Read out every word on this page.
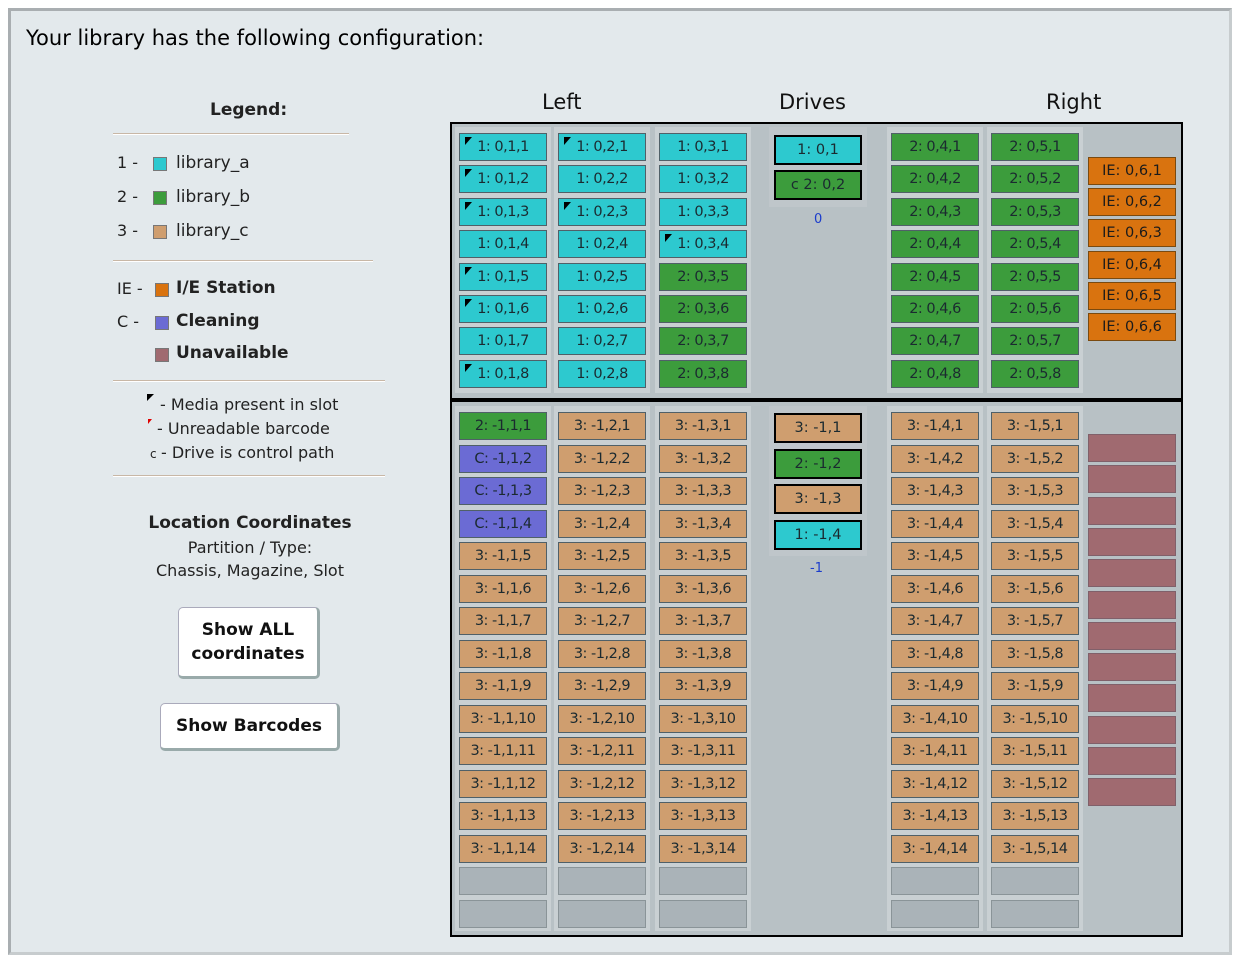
Your library has the following configuration:
Legend:
1 - library_a
2 - library_b
3 - library_c
IE - I/E Station
C - Cleaning
Unavailable
- Media present in slot
- Unreadable barcode
c - Drive is control path
Location Coordinates
Partition / Type:
Chassis, Magazine, Slot
Show ALL
coordinates
Show Barcodes
Left	Drives	Right
1: 0,1,1
1: 0,1,2
1: 0,1,3
1: 0,1,4
1: 0,1,5
1: 0,1,6
1: 0,1,7
1: 0,1,8
1: 0,2,1
1: 0,2,2
1: 0,2,3
1: 0,2,4
1: 0,2,5
1: 0,2,6
1: 0,2,7
1: 0,2,8
1: 0,3,1
1: 0,3,2
1: 0,3,3
1: 0,3,4
2: 0,3,5
2: 0,3,6
2: 0,3,7
2: 0,3,8
2: 0,4,1
2: 0,4,2
2: 0,4,3
2: 0,4,4
2: 0,4,5
2: 0,4,6
2: 0,4,7
2: 0,4,8
2: 0,5,1
2: 0,5,2
2: 0,5,3
2: 0,5,4
2: 0,5,5
2: 0,5,6
2: 0,5,7
2: 0,5,8
1: 0,1
c 2: 0,2
0
IE: 0,6,1
IE: 0,6,2
IE: 0,6,3
IE: 0,6,4
IE: 0,6,5
IE: 0,6,6
2: -1,1,1
C: -1,1,2
C: -1,1,3
C: -1,1,4
3: -1,1,5
3: -1,1,6
3: -1,1,7
3: -1,1,8
3: -1,1,9
3: -1,1,10
3: -1,1,11
3: -1,1,12
3: -1,1,13
3: -1,1,14
3: -1,2,1
3: -1,2,2
3: -1,2,3
3: -1,2,4
3: -1,2,5
3: -1,2,6
3: -1,2,7
3: -1,2,8
3: -1,2,9
3: -1,2,10
3: -1,2,11
3: -1,2,12
3: -1,2,13
3: -1,2,14
3: -1,3,1
3: -1,3,2
3: -1,3,3
3: -1,3,4
3: -1,3,5
3: -1,3,6
3: -1,3,7
3: -1,3,8
3: -1,3,9
3: -1,3,10
3: -1,3,11
3: -1,3,12
3: -1,3,13
3: -1,3,14
3: -1,4,1
3: -1,4,2
3: -1,4,3
3: -1,4,4
3: -1,4,5
3: -1,4,6
3: -1,4,7
3: -1,4,8
3: -1,4,9
3: -1,4,10
3: -1,4,11
3: -1,4,12
3: -1,4,13
3: -1,4,14
3: -1,5,1
3: -1,5,2
3: -1,5,3
3: -1,5,4
3: -1,5,5
3: -1,5,6
3: -1,5,7
3: -1,5,8
3: -1,5,9
3: -1,5,10
3: -1,5,11
3: -1,5,12
3: -1,5,13
3: -1,5,14
3: -1,1
2: -1,2
3: -1,3
1: -1,4
-1
